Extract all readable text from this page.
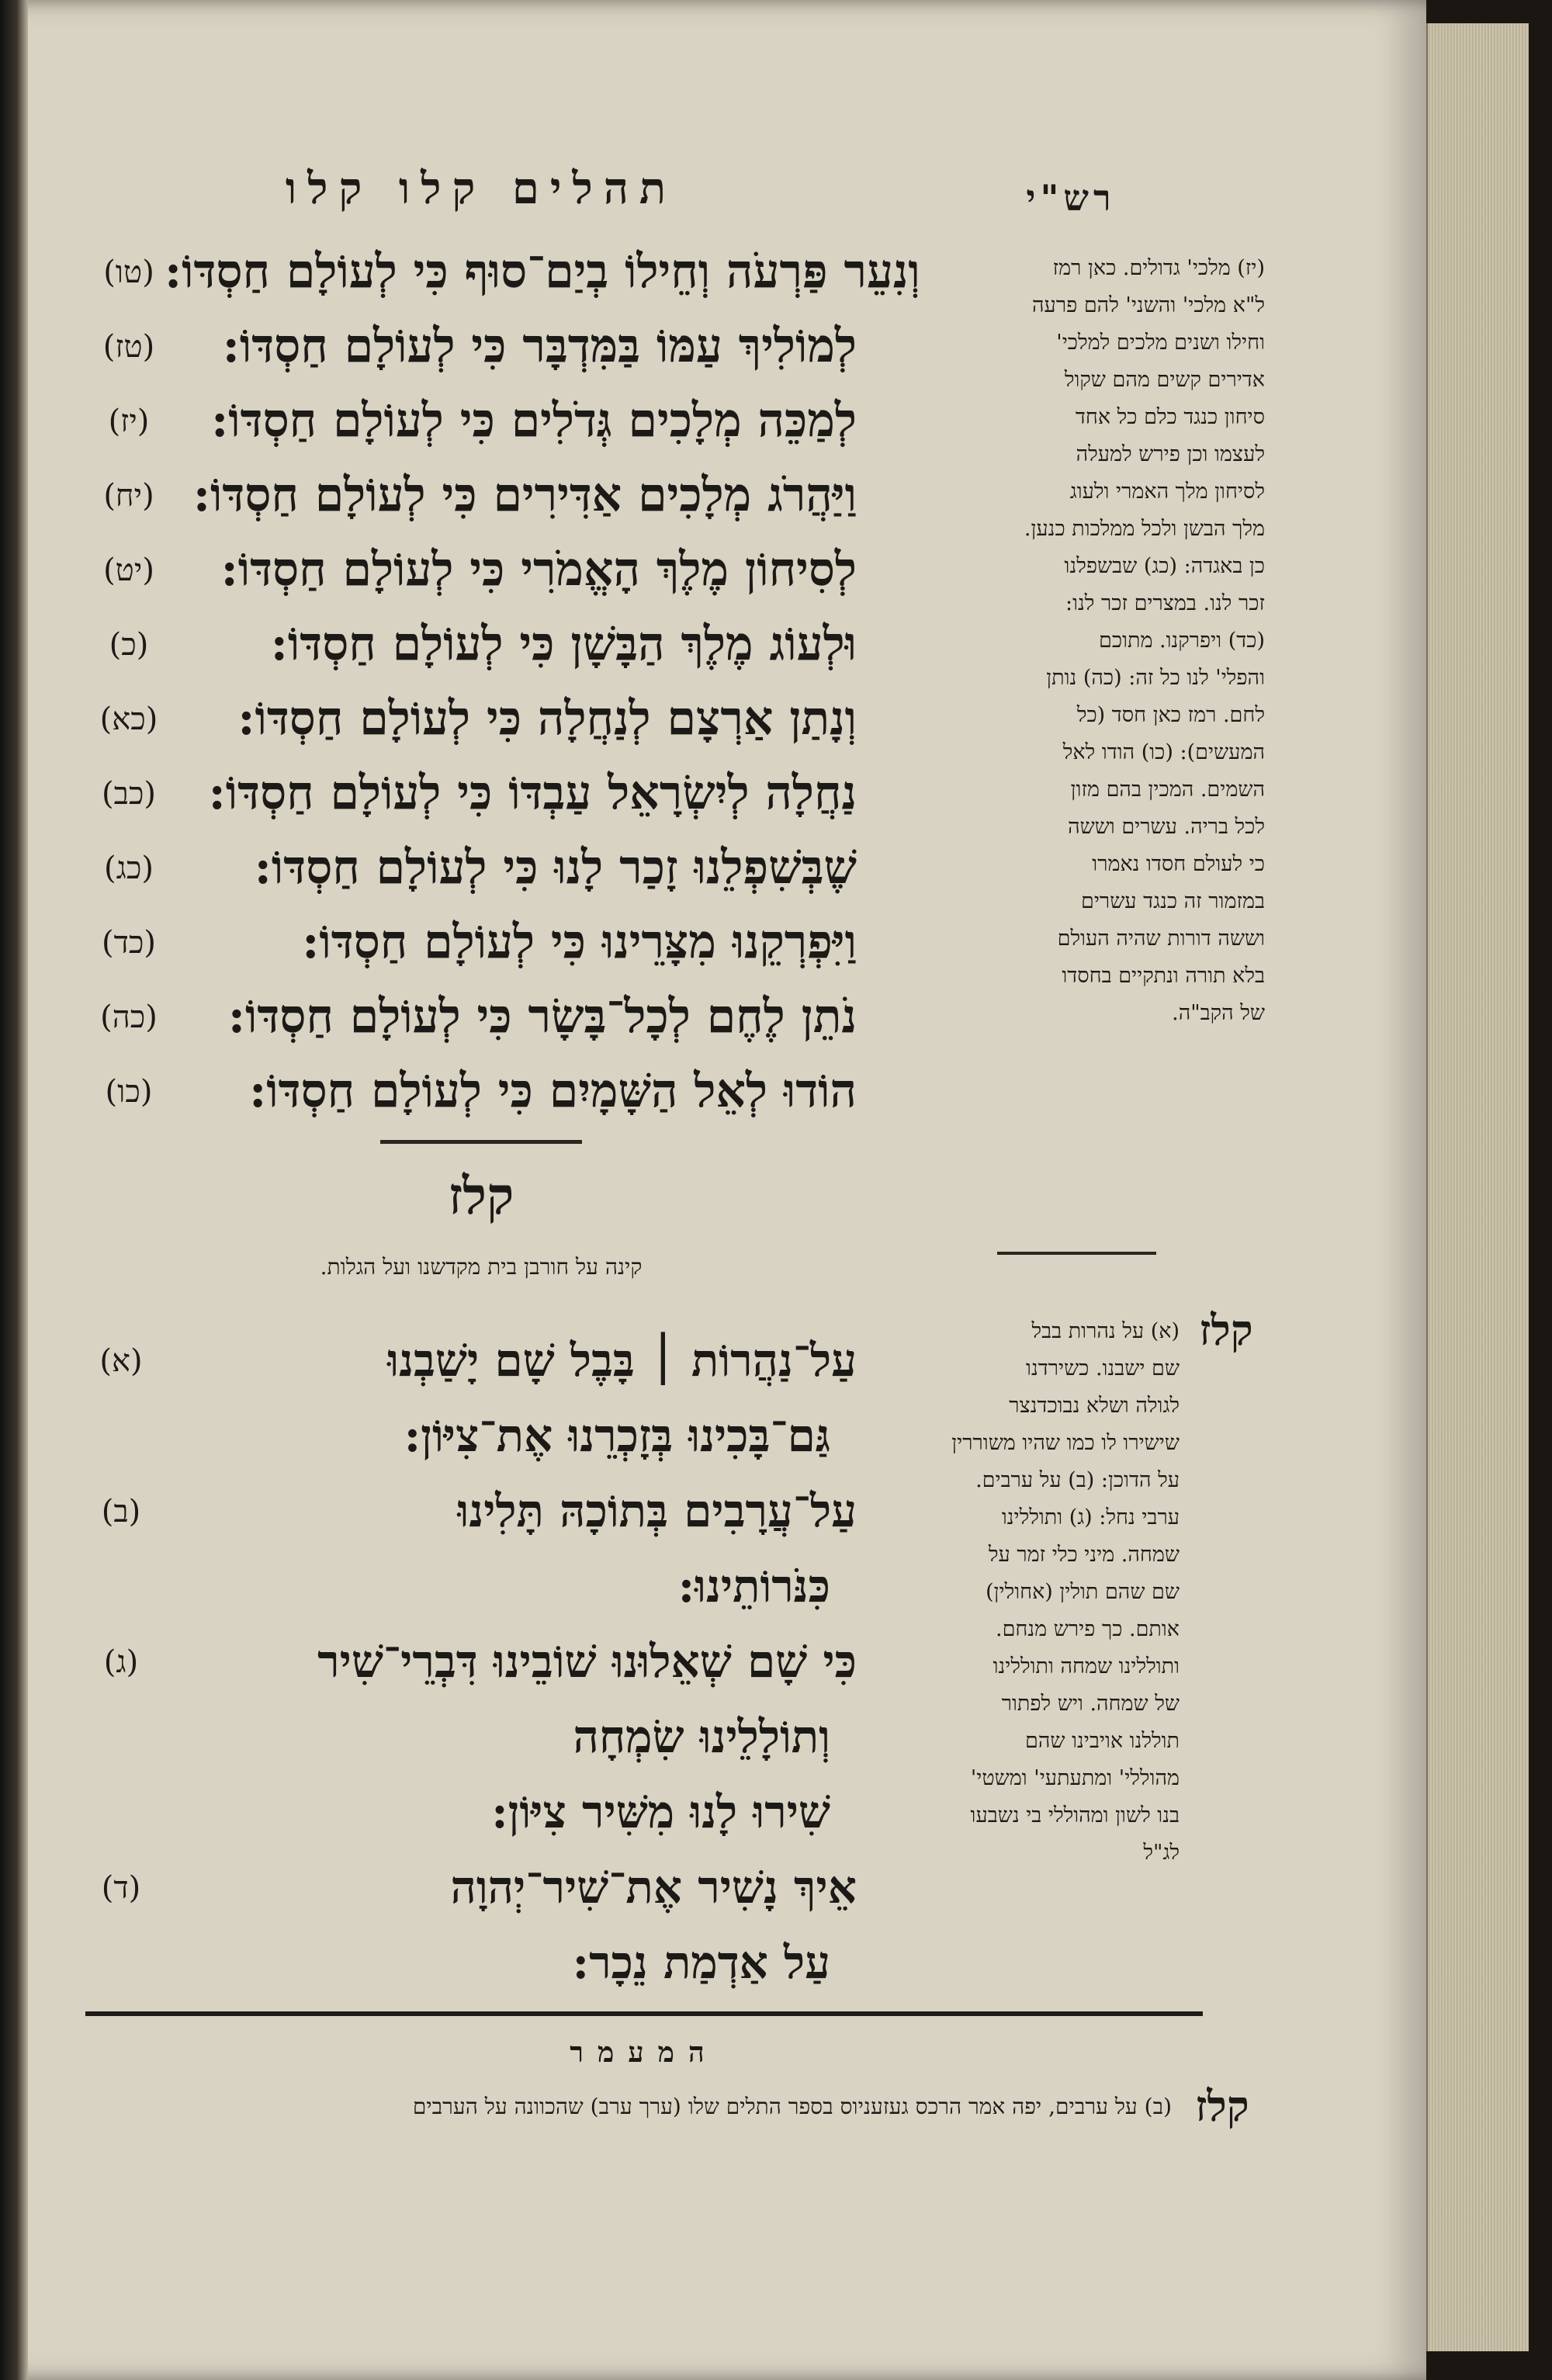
תהלים קלו קלו	רש"י
(טו) וְנִעֵר פַּרְעֹה וְחֵילוֹ בְיַם־סוּף כִּי לְעוֹלָם חַסְדּוֹ:
(טז)	לְמוֹלִיךְ עַמּוֹ בַּמִּדְבָּר כִּי לְעוֹלָם חַסְדּוֹ:
(יז)	לְמַכֵּה מְלָכִים גְּדֹלִים כִּי לְעוֹלָם חַסְדּוֹ:
(יח) וַיַּהֲרֹג מְלָכִים אַדִּירִים כִּי לְעוֹלָם חַסְדּוֹ:
(יט)	לְסִיחוֹן מֶלֶךְ הָאֱמֹרִי כִּי לְעוֹלָם חַסְדּוֹ:
(כ)	וּלְעוֹג מֶלֶךְ הַבָּשָׁן כִּי לְעוֹלָם חַסְדּוֹ:
(כא)	וְנָתַן אַרְצָם לְנַחֲלָה כִּי לְעוֹלָם חַסְדּוֹ:
(כב)	נַחֲלָה לְיִשְׂרָאֵל עַבְדּוֹ כִּי לְעוֹלָם חַסְדּוֹ:
(כג)	שֶׁבְּשִׁפְלֵנוּ זָכַר לָנוּ כִּי לְעוֹלָם חַסְדּוֹ:
(כד)	וַיִּפְרְקֵנוּ מִצָּרֵינוּ כִּי לְעוֹלָם חַסְדּוֹ:
(כה)	נֹתֵן לֶחֶם לְכָל־בָּשָׂר כִּי לְעוֹלָם חַסְדּוֹ:
(כו)	הוֹדוּ לְאֵל הַשָּׁמָיִם כִּי לְעוֹלָם חַסְדּוֹ:
(יז) מלכי' גדולים. כאן רמז
ל"א מלכי' והשני' להם פרעה
וחילו ושנים מלכים למלכי'
אדירים קשים מהם שקול
סיחון כנגד כלם כל אחד
לעצמו וכן פירש למעלה
לסיחון מלך האמרי ולעוג
מלך הבשן ולכל ממלכות כנען.
כן באגדה: (כג) שבשפלנו
זכר לנו. במצרים זכר לנו:
(כד) ויפרקנו. מתוכם
והפלי' לנו כל זה: (כה) נותן
לחם. רמז כאן חסד (כל
המעשים): (כו) הודו לאל
השמים. המכין בהם מזון
לכל בריה. עשרים וששה
כי לעולם חסדו נאמרו
במזמור זה כנגד עשרים
וששה דורות שהיה העולם
בלא תורה ונתקיים בחסדו
של הקב"ה.
קלז
קינה על חורבן בית מקדשנו ועל הגלות.
(א)	עַל־נַהֲרוֹת ׀ בָּבֶל שָׁם יָשַׁבְנוּ
גַּם־בָּכִינוּ בְּזָכְרֵנוּ אֶת־צִיּוֹן:
(ב)	עַל־עֲרָבִים בְּתוֹכָהּ תָּלִינוּ
כִּנֹּרוֹתֵינוּ:
(ג)	כִּי שָׁם שְׁאֵלוּנוּ שׁוֹבֵינוּ דִּבְרֵי־שִׁיר
וְתוֹלָלֵינוּ שִׂמְחָה
שִׁירוּ לָנוּ מִשִּׁיר צִיּוֹן:
(ד)	אֵיךְ נָשִׁיר אֶת־שִׁיר־יְהוָה
עַל אַדְמַת נֵכָר:
קלז
(א) על נהרות בבל
שם ישבנו. כשירדנו
לגולה ושלא נבוכדנצר
שישירו לו כמו שהיו משוררין
על הדוכן: (ב) על ערבים.
ערבי נחל: (ג) ותוללינו
שמחה. מיני כלי זמר על
שם שהם תולין (אחולין)
אותם. כך פירש מנחם.
ותוללינו שמחה ותוללינו
של שמחה. ויש לפתור
תוללנו אויבינו שהם
מהוללי' ומתעתעי' ומשטי'
בנו לשון ומהוללי בי נשבעו
לג"ל
המעמר
קלז
(ב) על ערבים, יפה אמר הרכס געזעניוס בספר התלים שלו (ערך ערב) שהכוונה על הערבים
